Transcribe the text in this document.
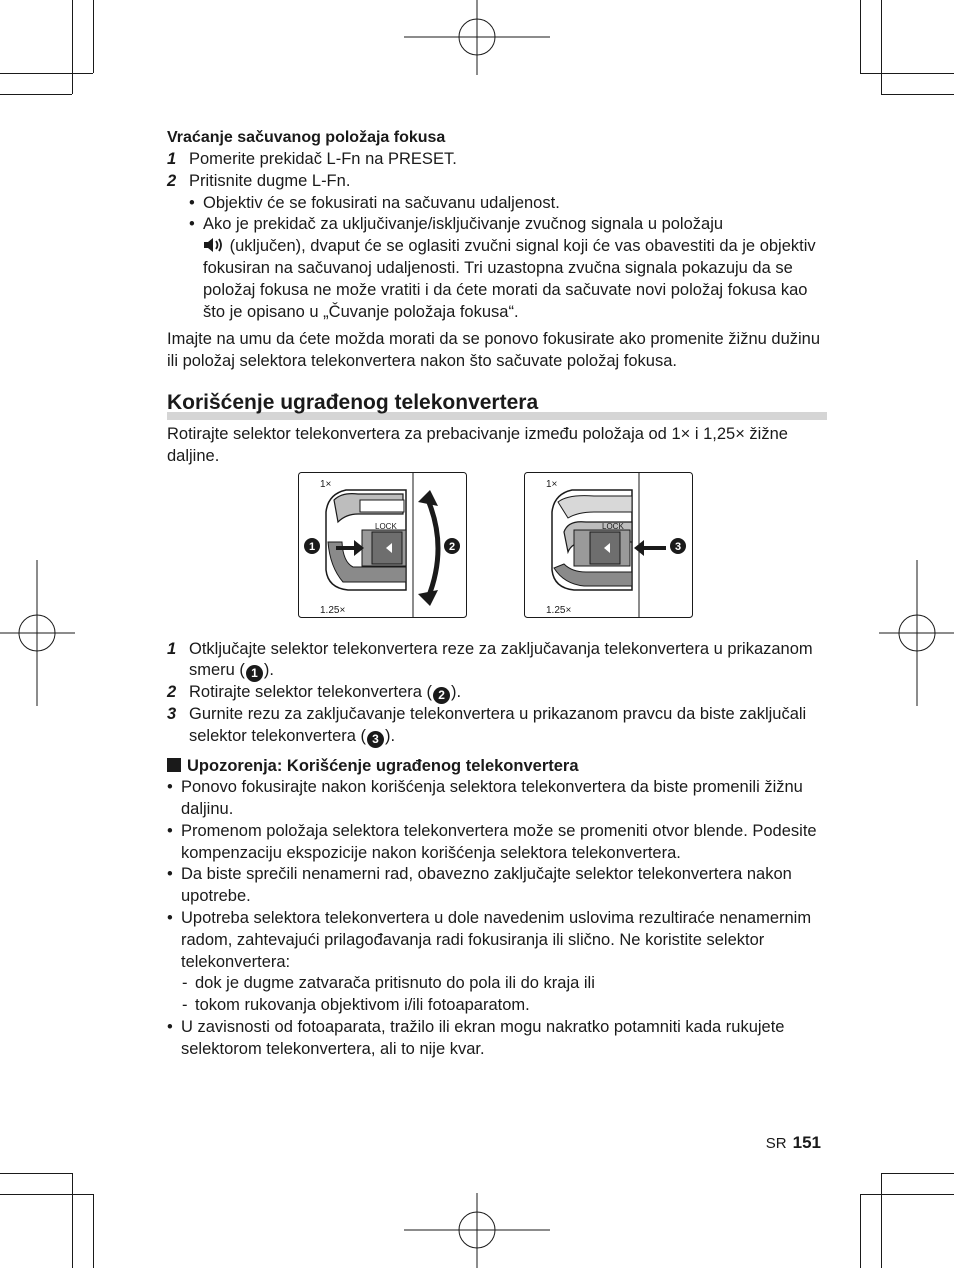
Vraćanje sačuvanog položaja fokusa
1 Pomerite prekidač L-Fn na PRESET.
2 Pritisnite dugme L-Fn.
• Objektiv će se fokusirati na sačuvanu udaljenost.
• Ako je prekidač za uključivanje/isključivanje zvučnog signala u položaju
(uključen), dvaput će se oglasiti zvučni signal koji će vas obavestiti da je objektiv fokusiran na sačuvanoj udaljenosti. Tri uzastopna zvučna signala pokazuju da se položaj fokusa ne može vratiti i da ćete morati da sačuvate novi položaj fokusa kao što je opisano u „Čuvanje položaja fokusa“.
Imajte na umu da ćete možda morati da se ponovo fokusirate ako promenite žižnu dužinu ili položaj selektora telekonvertera nakon što sačuvate položaj fokusa.
Korišćenje ugrađenog telekonvertera
Rotirajte selektor telekonvertera za prebacivanje između položaja od 1× i 1,25× žižne daljine.
1×
1.25×
LOCK
1	2
1×
1.25×
LOCK
3
1 Otključajte selektor telekonvertera reze za zaključavanja telekonvertera u prikazanom smeru ( 1 ).
2 Rotirajte selektor telekonvertera ( 2 ).
3 Gurnite rezu za zaključavanje telekonvertera u prikazanom pravcu da biste zaključali selektor telekonvertera ( 3 ).
Upozorenja: Korišćenje ugrađenog telekonvertera
• Ponovo fokusirajte nakon korišćenja selektora telekonvertera da biste promenili žižnu daljinu.
• Promenom položaja selektora telekonvertera može se promeniti otvor blende. Podesite kompenzaciju ekspozicije nakon korišćenja selektora telekonvertera.
• Da biste sprečili nenamerni rad, obavezno zaključajte selektor telekonvertera nakon upotrebe.
• Upotreba selektora telekonvertera u dole navedenim uslovima rezultiraće nenamernim radom, zahtevajući prilagođavanja radi fokusiranja ili slično. Ne koristite selektor telekonvertera:
- dok je dugme zatvarača pritisnuto do pola ili do kraja ili
- tokom rukovanja objektivom i/ili fotoaparatom.
• U zavisnosti od fotoaparata, tražilo ili ekran mogu nakratko potamniti kada rukujete selektorom telekonvertera, ali to nije kvar.
SR 151
